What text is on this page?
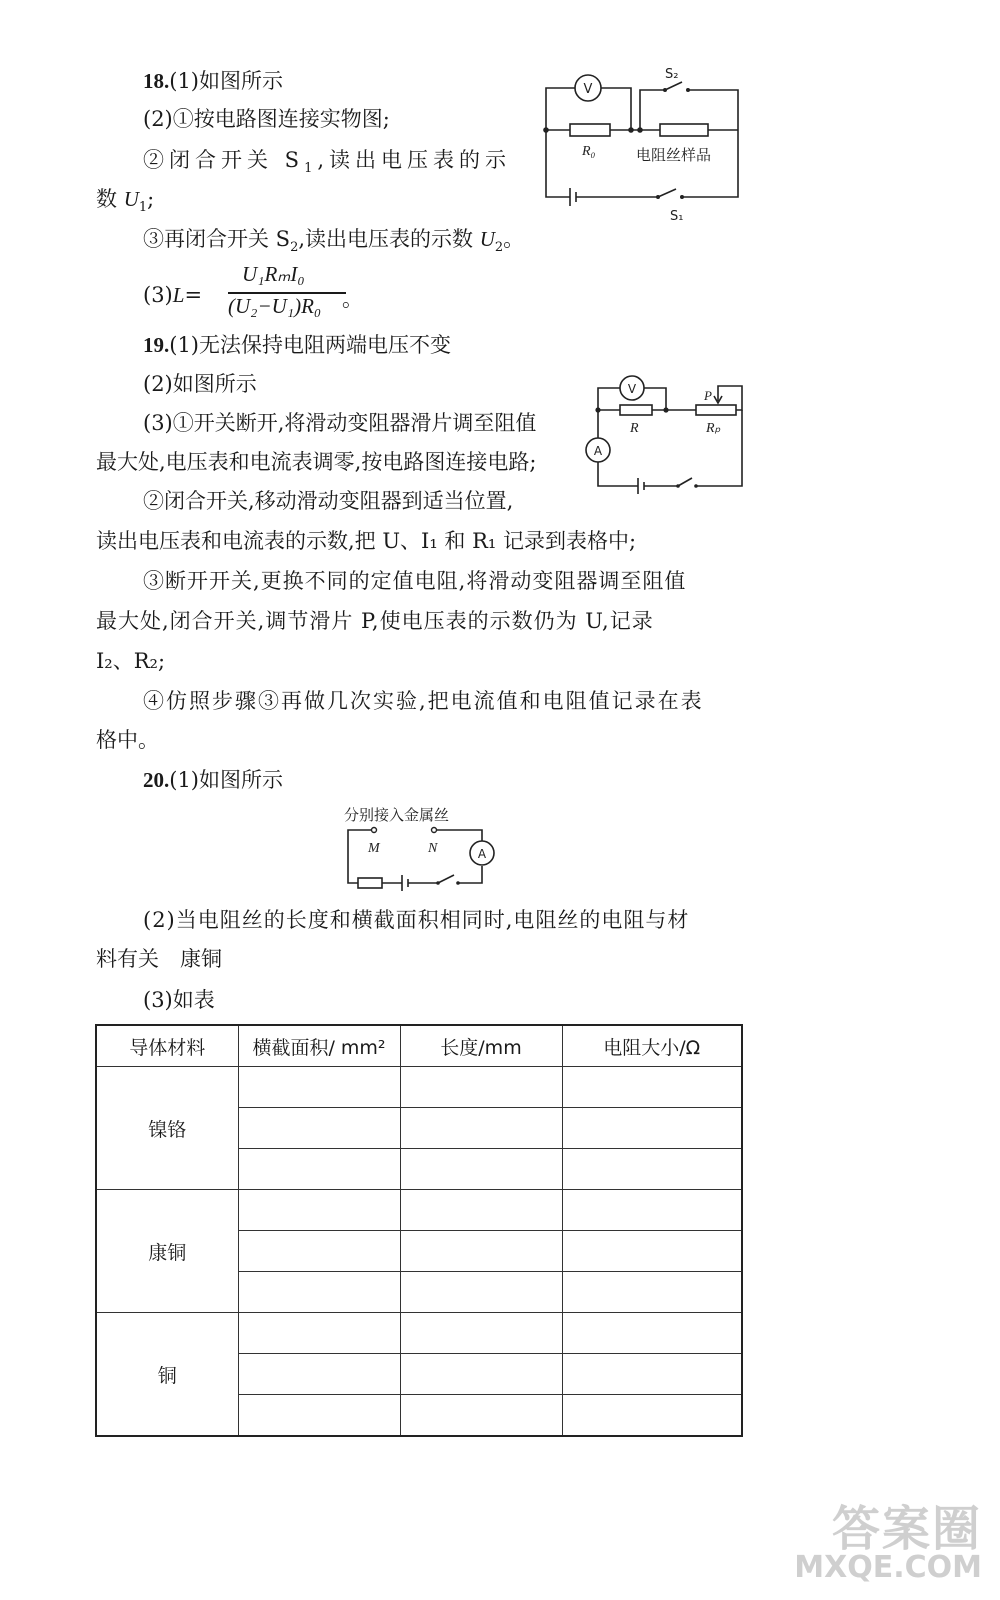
18.(1)如图所示
(2)①按电路图连接实物图;
②闭合开关 $S_1$,读出电压表的示
数 $U_1$;
③再闭合开关 $S_2$,读出电压表的示数 $U_2$。
(3)L=
U₁RₘI₀
(U₂−U₁)R₀ 。
V
S₂
R₀	电阻丝样品
S₁
19.(1)无法保持电阻两端电压不变
(2)如图所示
(3)①开关断开,将滑动变阻器滑片调至阻值
最大处,电压表和电流表调零,按电路图连接电路;
②闭合开关,移动滑动变阻器到适当位置,
读出电压表和电流表的示数,把 U、I₁ 和 R₁ 记录到表格中;
③断开开关,更换不同的定值电阻,将滑动变阻器调至阻值
最大处,闭合开关,调节滑片 P,使电压表的示数仍为 U,记录
I₂、R₂;
④仿照步骤③再做几次实验,把电流值和电阻值记录在表
格中。
V	P
R	Rₚ
A
20.(1)如图所示
分别接入金属丝
M	N	A
(2)当电阻丝的长度和横截面积相同时,电阻丝的电阻与材
料有关　康铜
(3)如表
导体材料	横截面积/ mm²	长度/mm	电阻大小/Ω
镍铬			

康铜			

铜			

答案圈
MXQE.COM
